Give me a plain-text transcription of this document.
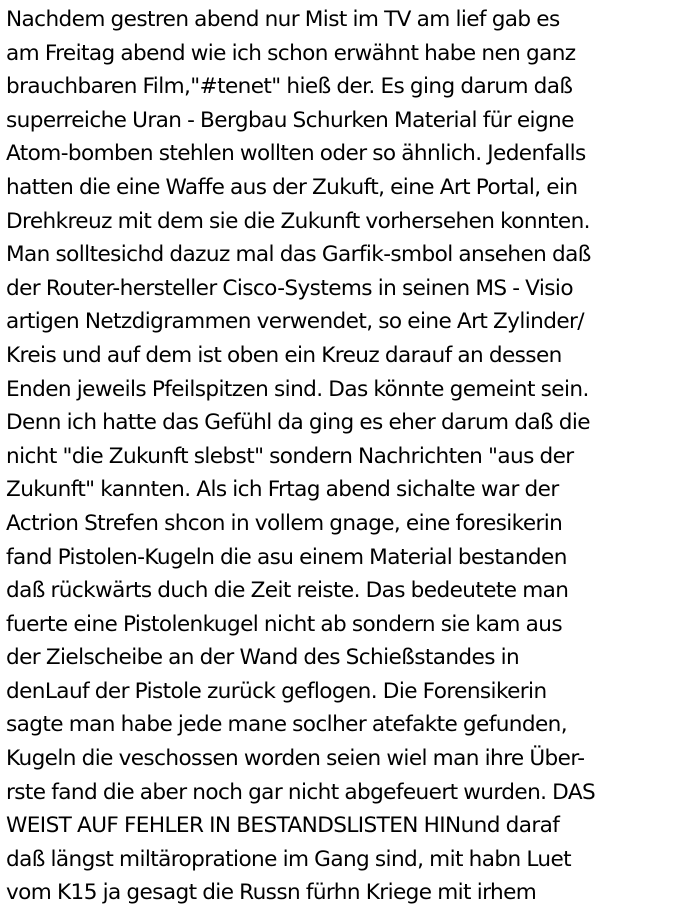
Nachdem gestren abend nur Mist im TV am lief gab es
am Freitag abend wie ich schon erwähnt habe nen ganz
brauchbaren Film,"#tenet" hieß der. Es ging darum daß
superreiche Uran - Bergbau Schurken Material für eigne
Atom-bomben stehlen wollten oder so ähnlich. Jedenfalls
hatten die eine Waffe aus der Zukuft, eine Art Portal, ein
Drehkreuz mit dem sie die Zukunft vorhersehen konnten.
Man solltesichd dazuz mal das Garfik-smbol ansehen daß
der Router-hersteller Cisco-Systems in seinen MS - Visio
artigen Netzdigrammen verwendet, so eine Art Zylinder/
Kreis und auf dem ist oben ein Kreuz darauf an dessen
Enden jeweils Pfeilspitzen sind. Das könnte gemeint sein.
Denn ich hatte das Gefühl da ging es eher darum daß die
nicht "die Zukunft slebst" sondern Nachrichten "aus der
Zukunft" kannten. Als ich Frtag abend sichalte war der
Actrion Strefen shcon in vollem gnage, eine foresikerin
fand Pistolen-Kugeln die asu einem Material bestanden
daß rückwärts duch die Zeit reiste. Das bedeutete man
fuerte eine Pistolenkugel nicht ab sondern sie kam aus
der Zielscheibe an der Wand des Schießstandes in
denLauf der Pistole zurück geflogen. Die Forensikerin
sagte man habe jede mane soclher atefakte gefunden,
Kugeln die veschossen worden seien wiel man ihre Über-
rste fand die aber noch gar nicht abgefeuert wurden. DAS
WEIST AUF FEHLER IN BESTANDSLISTEN HINund daraf
daß längst miltäropratione im Gang sind, mit habn Luet
vom K15 ja gesagt die Russn fürhn Kriege mit irhem
